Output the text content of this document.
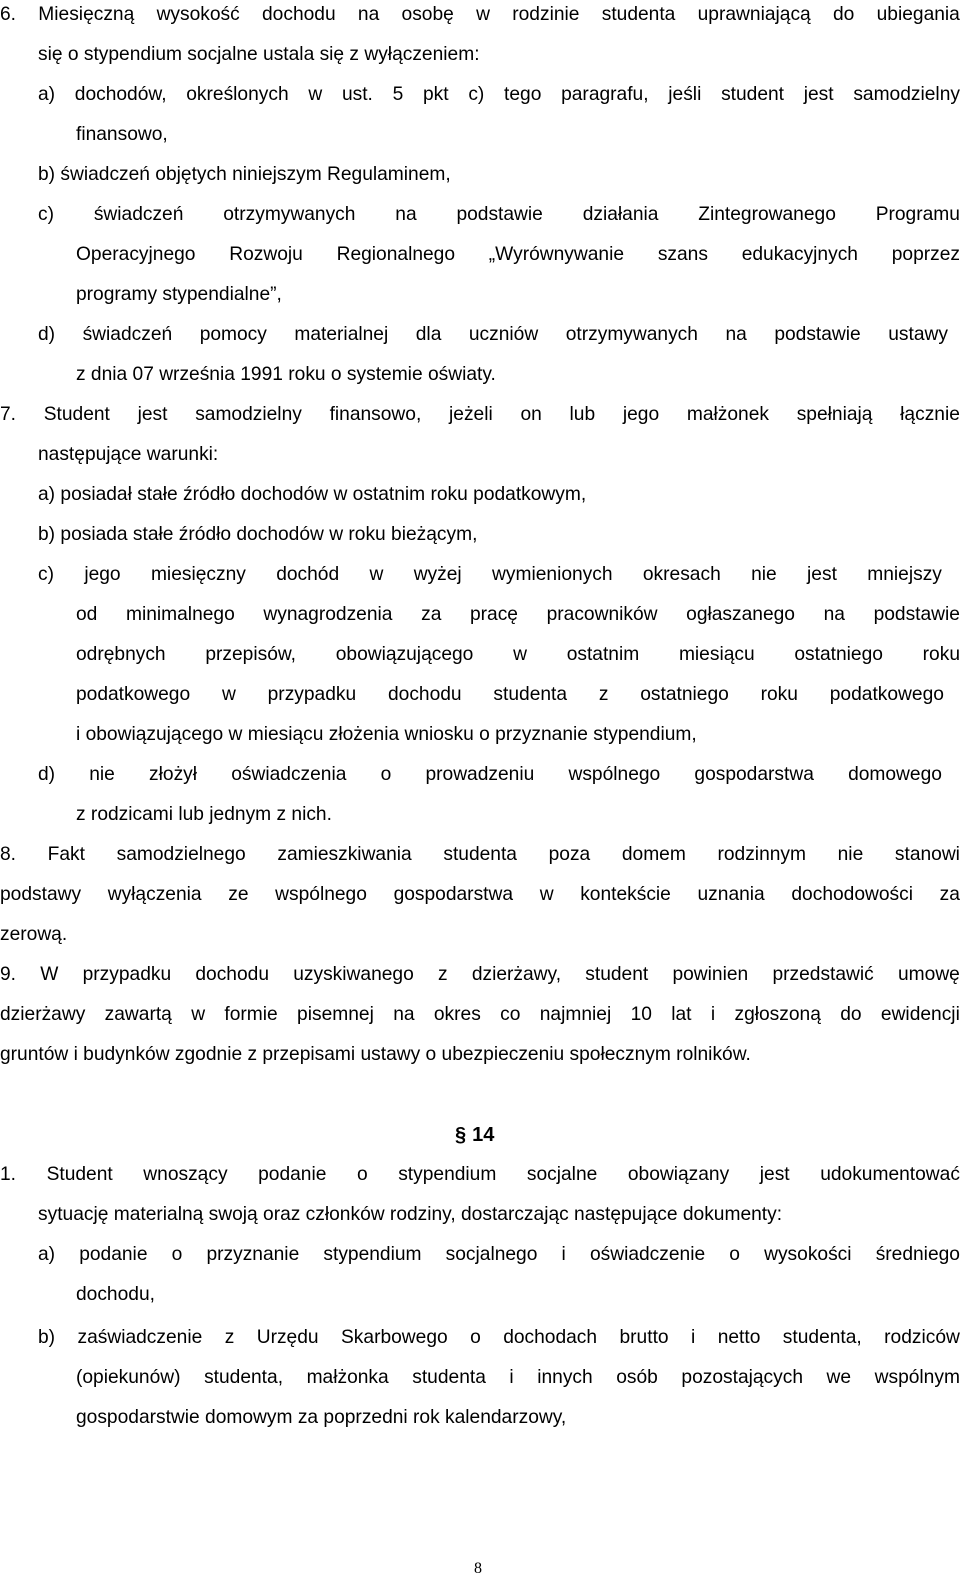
§ 14
8
6. Miesięczną wysokość dochodu na osobę w rodzinie studenta uprawniającą do ubiegania
się o stypendium socjalne ustala się z wyłączeniem:
a) dochodów, określonych w ust. 5 pkt c) tego paragrafu, jeśli student jest samodzielny
finansowo,
b) świadczeń objętych niniejszym Regulaminem,
c) świadczeń otrzymywanych na podstawie działania Zintegrowanego Programu
Operacyjnego Rozwoju Regionalnego „Wyrównywanie szans edukacyjnych poprzez
programy stypendialne”,
d) świadczeń pomocy materialnej dla uczniów otrzymywanych na podstawie ustawy
z dnia 07 września 1991 roku o systemie oświaty.
7. Student jest samodzielny finansowo, jeżeli on lub jego małżonek spełniają łącznie
następujące warunki:
a) posiadał stałe źródło dochodów w ostatnim roku podatkowym,
b) posiada stałe źródło dochodów w roku bieżącym,
c) jego miesięczny dochód w wyżej wymienionych okresach nie jest mniejszy
od minimalnego wynagrodzenia za pracę pracowników ogłaszanego na podstawie
odrębnych przepisów, obowiązującego w ostatnim miesiącu ostatniego roku
podatkowego w przypadku dochodu studenta z ostatniego roku podatkowego
i obowiązującego w miesiącu złożenia wniosku o przyznanie stypendium,
d) nie złożył oświadczenia o prowadzeniu wspólnego gospodarstwa domowego
z rodzicami lub jednym z nich.
8. Fakt samodzielnego zamieszkiwania studenta poza domem rodzinnym nie stanowi
podstawy wyłączenia ze wspólnego gospodarstwa w kontekście uznania dochodowości za
zerową.
9. W przypadku dochodu uzyskiwanego z dzierżawy, student powinien przedstawić umowę
dzierżawy zawartą w formie pisemnej na okres co najmniej 10 lat i zgłoszoną do ewidencji
gruntów i budynków zgodnie z przepisami ustawy o ubezpieczeniu społecznym rolników.
1. Student wnoszący podanie o stypendium socjalne obowiązany jest udokumentować
sytuację materialną swoją oraz członków rodziny, dostarczając następujące dokumenty:
a) podanie o przyznanie stypendium socjalnego i oświadczenie o wysokości średniego
dochodu,
b) zaświadczenie z Urzędu Skarbowego o dochodach brutto i netto studenta, rodziców
(opiekunów) studenta, małżonka studenta i innych osób pozostających we wspólnym
gospodarstwie domowym za poprzedni rok kalendarzowy,
